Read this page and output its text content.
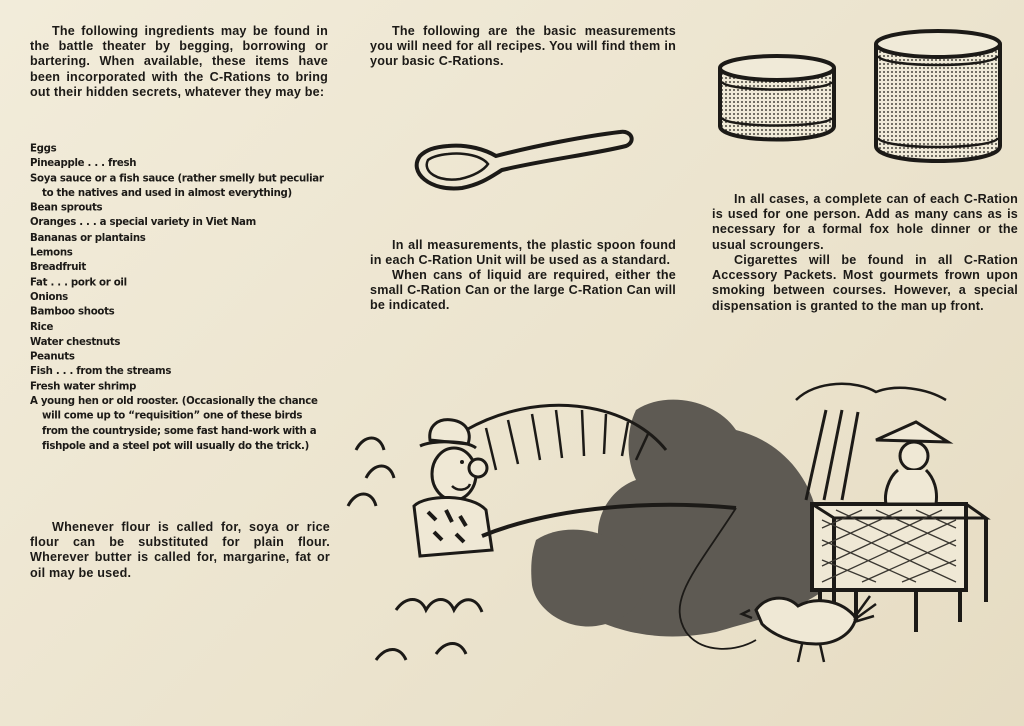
The following ingredients may be found in the battle theater by begging, borrowing or bartering. When available, these items have been incorporated with the C-Rations to bring out their hidden secrets, whatever they may be:

Eggs
Pineapple . . . fresh
Soya sauce or a fish sauce (rather smelly but peculiar to the natives and used in almost everything)
Bean sprouts
Oranges . . . a special variety in Viet Nam
Bananas or plantains
Lemons
Breadfruit
Fat . . . pork or oil
Onions
Bamboo shoots
Rice
Water chestnuts
Peanuts
Fish . . . from the streams
Fresh water shrimp
A young hen or old rooster. (Occasionally the chance will come up to “requisition” one of these birds from the countryside; some fast hand-work with a fishpole and a steel pot will usually do the trick.)

Whenever flour is called for, soya or rice flour can be substituted for plain flour. Wherever butter is called for, margarine, fat or oil may be used.

The following are the basic measurements you will need for all recipes. You will find them in your basic C-Rations.

In all measurements, the plastic spoon found in each C-Ration Unit will be used as a standard.

When cans of liquid are required, either the small C-Ration Can or the large C-Ration Can will be indicated.

In all cases, a complete can of each C-Ration is used for one person. Add as many cans as is necessary for a formal fox hole dinner or the usual scroungers.

Cigarettes will be found in all C-Ration Accessory Packets. Most gourmets frown upon smoking between courses. However, a special dispensation is granted to the man up front.
